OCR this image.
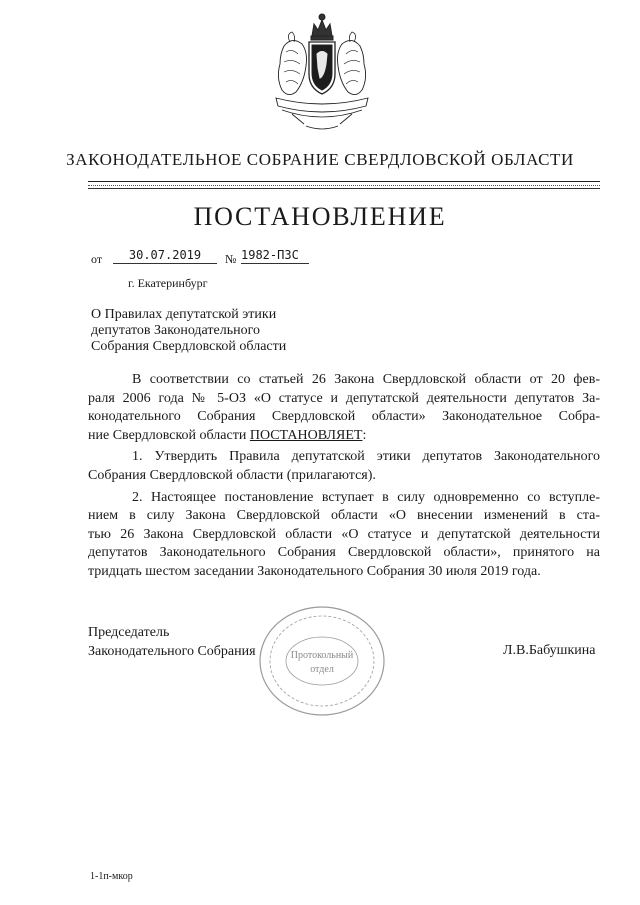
ЗАКОНОДАТЕЛЬНОЕ СОБРАНИЕ СВЕРДЛОВСКОЙ ОБЛАСТИ
ПОСТАНОВЛЕНИЕ
от	30.07.2019	№ 1982-ПЗС
г. Екатеринбург
О Правилах депутатской этики
депутатов Законодательного
Собрания Свердловской области
В соответствии со статьей 26 Закона Свердловской области от 20 фев-
раля 2006 года № 5-ОЗ «О статусе и депутатской деятельности депутатов За-
конодательного Собрания Свердловской области» Законодательное Собра-
ние Свердловской области ПОСТАНОВЛЯЕТ:
1. Утвердить Правила депутатской этики депутатов Законодательного
Собрания Свердловской области (прилагаются).
2. Настоящее постановление вступает в силу одновременно со вступле-
нием в силу Закона Свердловской области «О внесении изменений в ста-
тью 26 Закона Свердловской области «О статусе и депутатской деятельности
депутатов Законодательного Собрания Свердловской области», принятого на
тридцать шестом заседании Законодательного Собрания 30 июля 2019 года.
Протокольный
отдел
Председатель
Законодательного Собрания	Л.В.Бабушкина
1-1п-мкор
